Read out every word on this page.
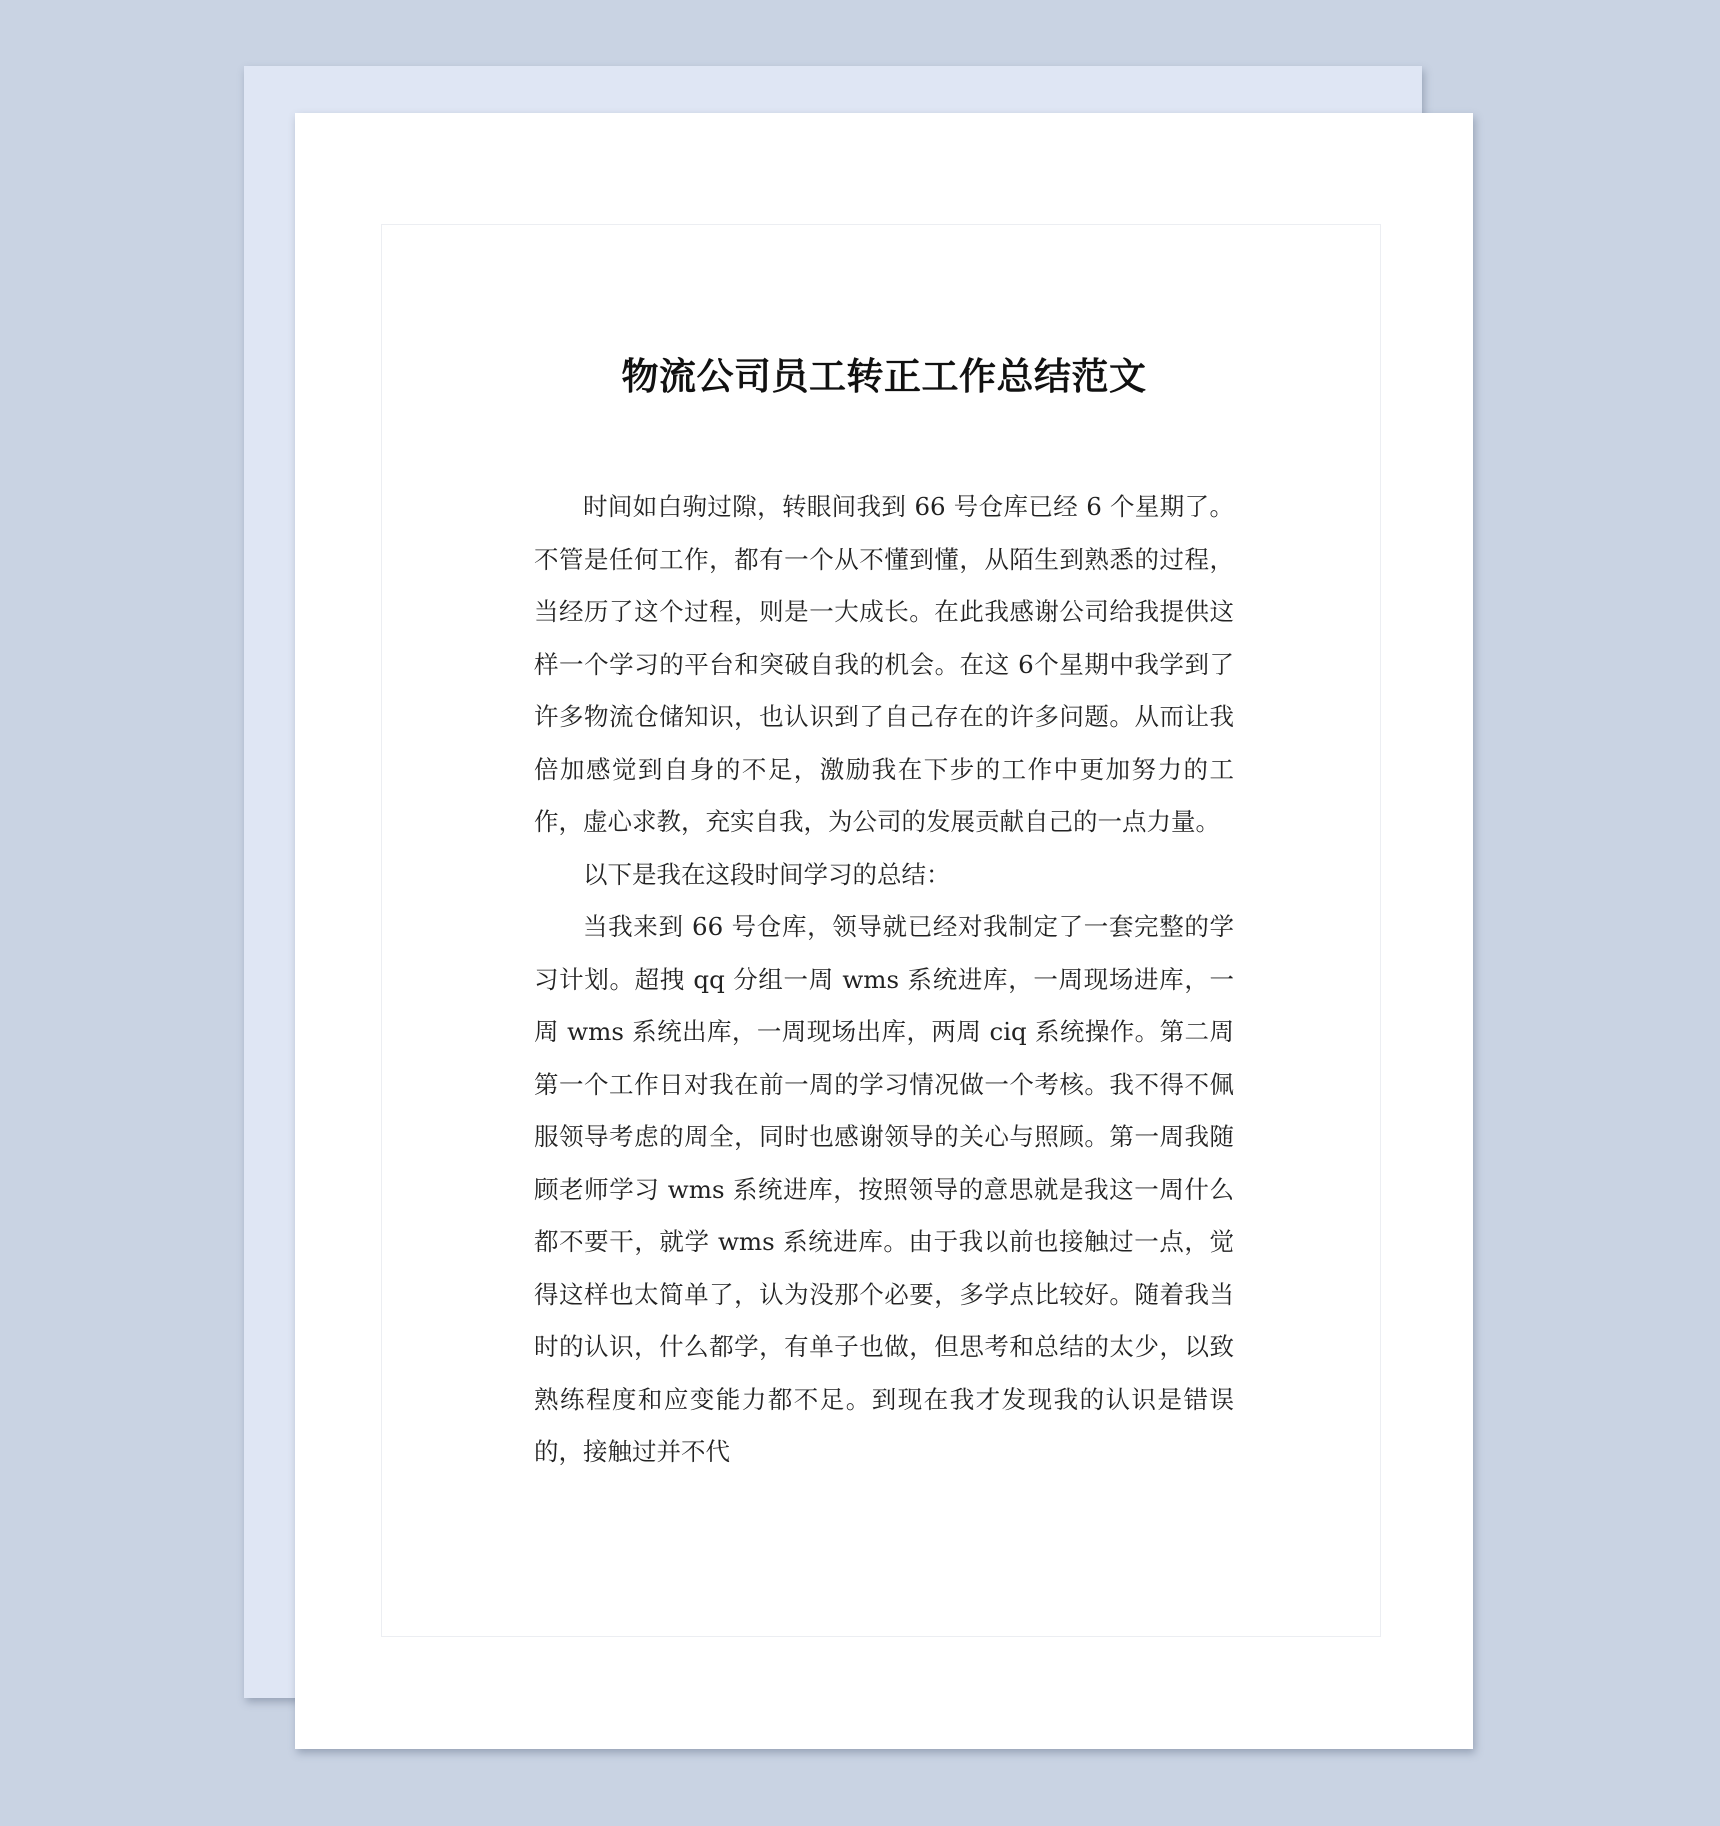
物流公司员工转正工作总结范文

时间如白驹过隙，转眼间我到 66 号仓库已经 6 个星期了。不管是任何工作，都有一个从不懂到懂，从陌生到熟悉的过程，当经历了这个过程，则是一大成长。在此我感谢公司给我提供这样一个学习的平台和突破自我的机会。在这 6个星期中我学到了许多物流仓储知识，也认识到了自己存在的许多问题。从而让我倍加感觉到自身的不足，激励我在下步的工作中更加努力的工作，虚心求教，充实自我，为公司的发展贡献自己的一点力量。

以下是我在这段时间学习的总结：

当我来到 66 号仓库，领导就已经对我制定了一套完整的学习计划。超拽 qq 分组一周 wms 系统进库，一周现场进库，一周 wms 系统出库，一周现场出库，两周 ciq 系统操作。第二周第一个工作日对我在前一周的学习情况做一个考核。我不得不佩服领导考虑的周全，同时也感谢领导的关心与照顾。第一周我随顾老师学习 wms 系统进库，按照领导的意思就是我这一周什么都不要干，就学 wms 系统进库。由于我以前也接触过一点，觉得这样也太简单了，认为没那个必要，多学点比较好。随着我当时的认识，什么都学，有单子也做，但思考和总结的太少，以致熟练程度和应变能力都不足。到现在我才发现我的认识是错误的，接触过并不代
